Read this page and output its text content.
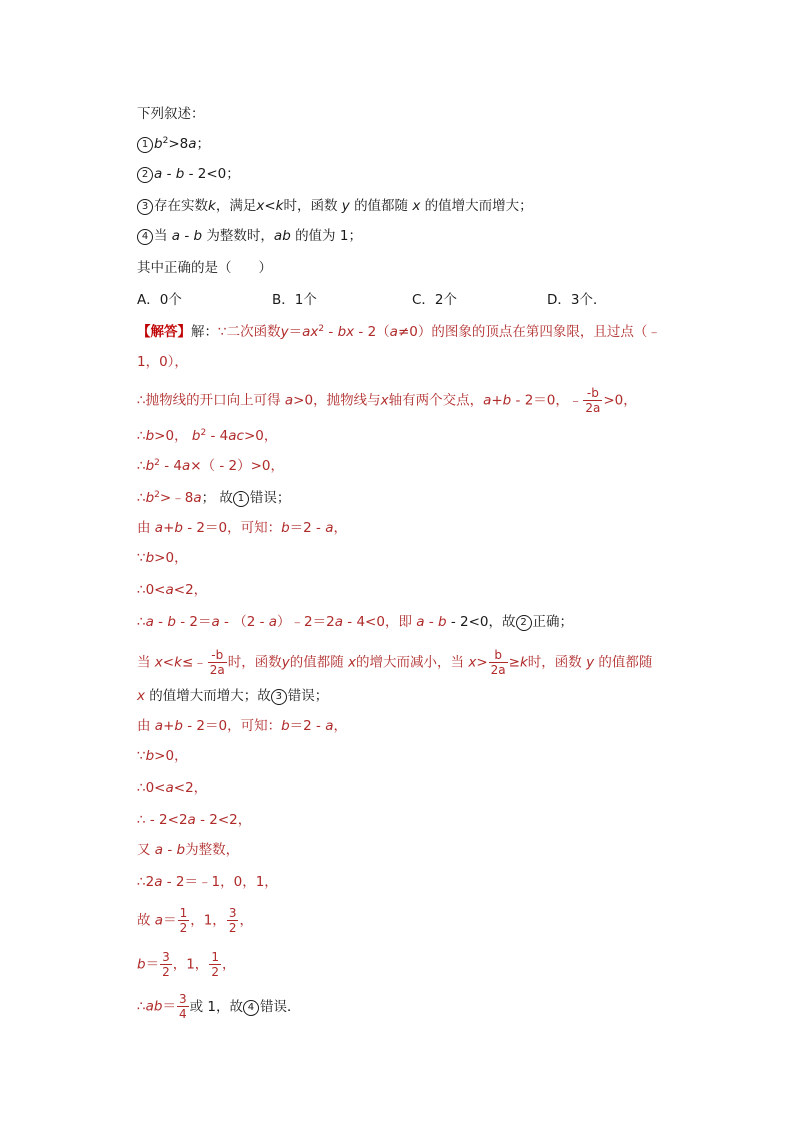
下列叙述：
1 $b^2>8a$；
2 a - b - 2<0；
3 存在实数k，满足x<k时，函数 y 的值都随 x 的值增大而增大；
4 当 a - b 为整数时，ab 的值为 1；
其中正确的是（　　）
A．0个	B．1个	C．2个	D．3个．
【解答】解：∵二次函数$y=ax^2$ - bx - 2（a≠0）的图象的顶点在第四象限，且过点（﹣
1，0），
∴抛物线的开口向上可得 a>0，抛物线与x轴有两个交点，a+b - 2＝0，﹣ $\frac{-b}{2a} >0$，
∴b>0， $b^2 - 4ac>0$，
$\therefore b^2 - 4a\times( - 2)>0$，
$\therefore b^2>﹣8a$； 故 1 错误；
由 a+b - 2＝0，可知：b＝2 - a，
∵b>0，
∴0<a<2，
∴a - b - 2＝a - （2 - a）﹣2＝2a - 4<0，即 a - b - 2<0，故 2 正确；
当 x<k≤﹣ $\frac{-b}{2a}$ 时，函数y的值都随 x的增大而减小，当 $x> \frac{b}{2a} \ge k$时，函数 y 的值都随
x 的值增大而增大；故 3 错误；
由 a+b - 2＝0，可知：b＝2 - a，
∵b>0，
∴0<a<2，
∴ - 2<2a - 2<2，
又 a - b为整数，
∴2a - 2＝﹣1，0，1，
故 $a= \frac{1}{2}$ ，1， $\frac{3}{2}$ ，
$b= \frac{3}{2}$ ，1， $\frac{1}{2}$ ，
∴ab＝ $\frac{3}{4}$ 或 1，故 4 错误．
